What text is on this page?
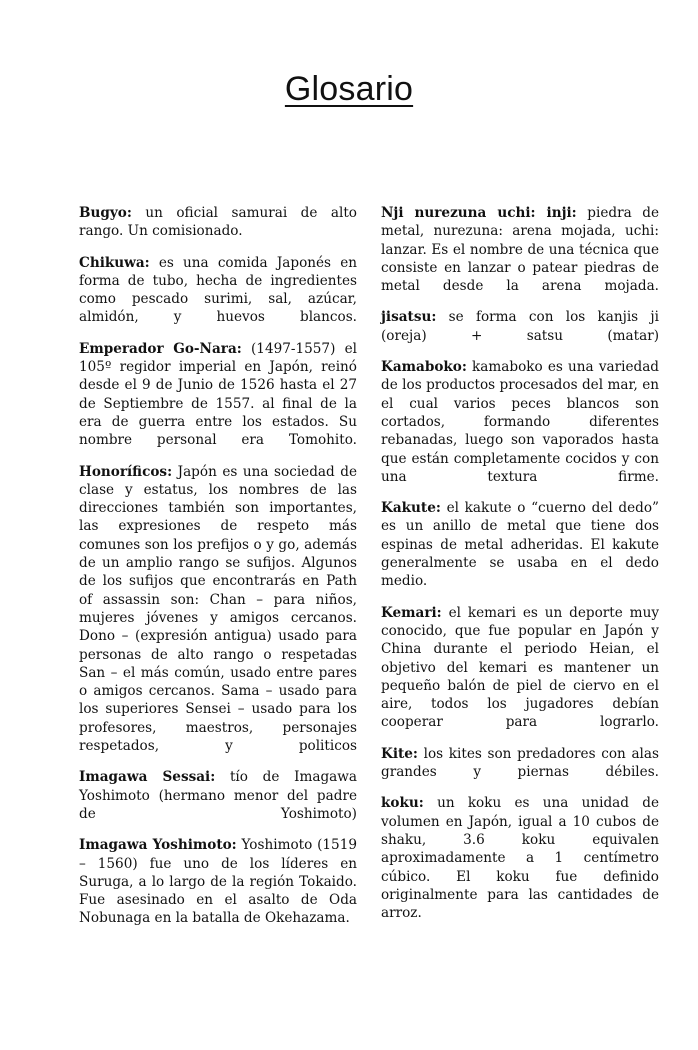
Glosario

Bugyo: un oficial samurai de alto rango. Un comisionado.

Chikuwa: es una comida Japonés en forma de tubo, hecha de ingredientes como pescado surimi, sal, azúcar, almidón, y huevos blancos.

Emperador Go-Nara: (1497-1557) el 105º regidor imperial en Japón, reinó desde el 9 de Junio de 1526 hasta el 27 de Septiembre de 1557. al final de la era de guerra entre los estados. Su nombre personal era Tomohito.

Honoríficos: Japón es una sociedad de clase y estatus, los nombres de las direcciones también son importantes, las expresiones de respeto más comunes son los prefijos o y go, además de un amplio rango se sufijos. Algunos de los sufijos que encontrarás en Path of assassin son: Chan – para niños, mujeres jóvenes y amigos cercanos. Dono – (expresión antigua) usado para personas de alto rango o respetadas San – el más común, usado entre pares o amigos cercanos. Sama – usado para los superiores Sensei – usado para los profesores, maestros, personajes respetados, y politicos

Imagawa Sessai: tío de Imagawa Yoshimoto (hermano menor del padre de Yoshimoto)

Imagawa Yoshimoto: Yoshimoto (1519 – 1560) fue uno de los líderes en Suruga, a lo largo de la región Tokaido. Fue asesinado en el asalto de Oda Nobunaga en la batalla de Okehazama.

Nji nurezuna uchi: inji: piedra de metal, nurezuna: arena mojada, uchi: lanzar. Es el nombre de una técnica que consiste en lanzar o patear piedras de metal desde la arena mojada.

jisatsu: se forma con los kanjis ji (oreja) + satsu (matar)

Kamaboko: kamaboko es una variedad de los productos procesados del mar, en el cual varios peces blancos son cortados, formando diferentes rebanadas, luego son vaporados hasta que están completamente cocidos y con una textura firme.

Kakute: el kakute o “cuerno del dedo” es un anillo de metal que tiene dos espinas de metal adheridas. El kakute generalmente se usaba en el dedo medio.

Kemari: el kemari es un deporte muy conocido, que fue popular en Japón y China durante el periodo Heian, el objetivo del kemari es mantener un pequeño balón de piel de ciervo en el aire, todos los jugadores debían cooperar para lograrlo.

Kite: los kites son predadores con alas grandes y piernas débiles.

koku: un koku es una unidad de volumen en Japón, igual a 10 cubos de shaku, 3.6 koku equivalen aproximadamente a 1 centímetro cúbico. El koku fue definido originalmente para las cantidades de arroz.
